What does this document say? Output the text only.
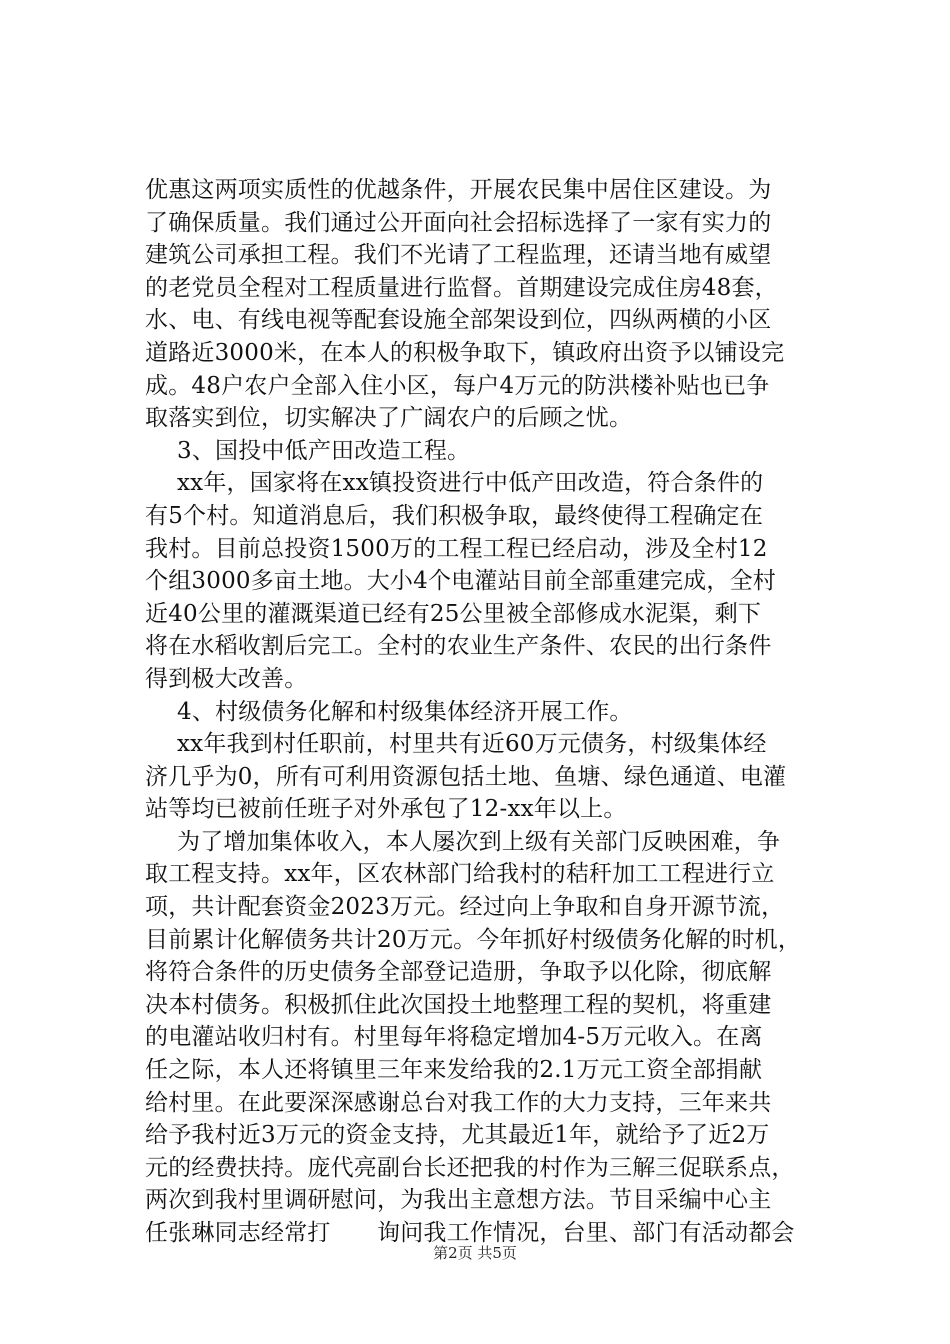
优惠这两项实质性的优越条件，开展农民集中居住区建设。为
了确保质量。我们通过公开面向社会招标选择了一家有实力的
建筑公司承担工程。我们不光请了工程监理，还请当地有威望
的老党员全程对工程质量进行监督。首期建设完成住房48套，
水、电、有线电视等配套设施全部架设到位，四纵两横的小区
道路近3000米，在本人的积极争取下，镇政府出资予以铺设完
成。48户农户全部入住小区，每户4万元的防洪楼补贴也已争
取落实到位，切实解决了广阔农户的后顾之忧。
3、国投中低产田改造工程。
xx年，国家将在xx镇投资进行中低产田改造，符合条件的
有5个村。知道消息后，我们积极争取，最终使得工程确定在
我村。目前总投资1500万的工程工程已经启动，涉及全村12
个组3000多亩土地。大小4个电灌站目前全部重建完成，全村
近40公里的灌溉渠道已经有25公里被全部修成水泥渠，剩下
将在水稻收割后完工。全村的农业生产条件、农民的出行条件
得到极大改善。
4、村级债务化解和村级集体经济开展工作。
xx年我到村任职前，村里共有近60万元债务，村级集体经
济几乎为0，所有可利用资源包括土地、鱼塘、绿色通道、电灌
站等均已被前任班子对外承包了12-xx年以上。
为了增加集体收入，本人屡次到上级有关部门反映困难，争
取工程支持。xx年，区农林部门给我村的秸秆加工工程进行立
项，共计配套资金2023万元。经过向上争取和自身开源节流，
目前累计化解债务共计20万元。今年抓好村级债务化解的时机，
将符合条件的历史债务全部登记造册，争取予以化除，彻底解
决本村债务。积极抓住此次国投土地整理工程的契机，将重建
的电灌站收归村有。村里每年将稳定增加4-5万元收入。在离
任之际，本人还将镇里三年来发给我的2.1万元工资全部捐献
给村里。在此要深深感谢总台对我工作的大力支持，三年来共
给予我村近3万元的资金支持，尤其最近1年，就给予了近2万
元的经费扶持。庞代亮副台长还把我的村作为三解三促联系点，
两次到我村里调研慰问，为我出主意想方法。节目采编中心主
任张琳同志经常打　　询问我工作情况，台里、部门有活动都会
第2页 共5页
